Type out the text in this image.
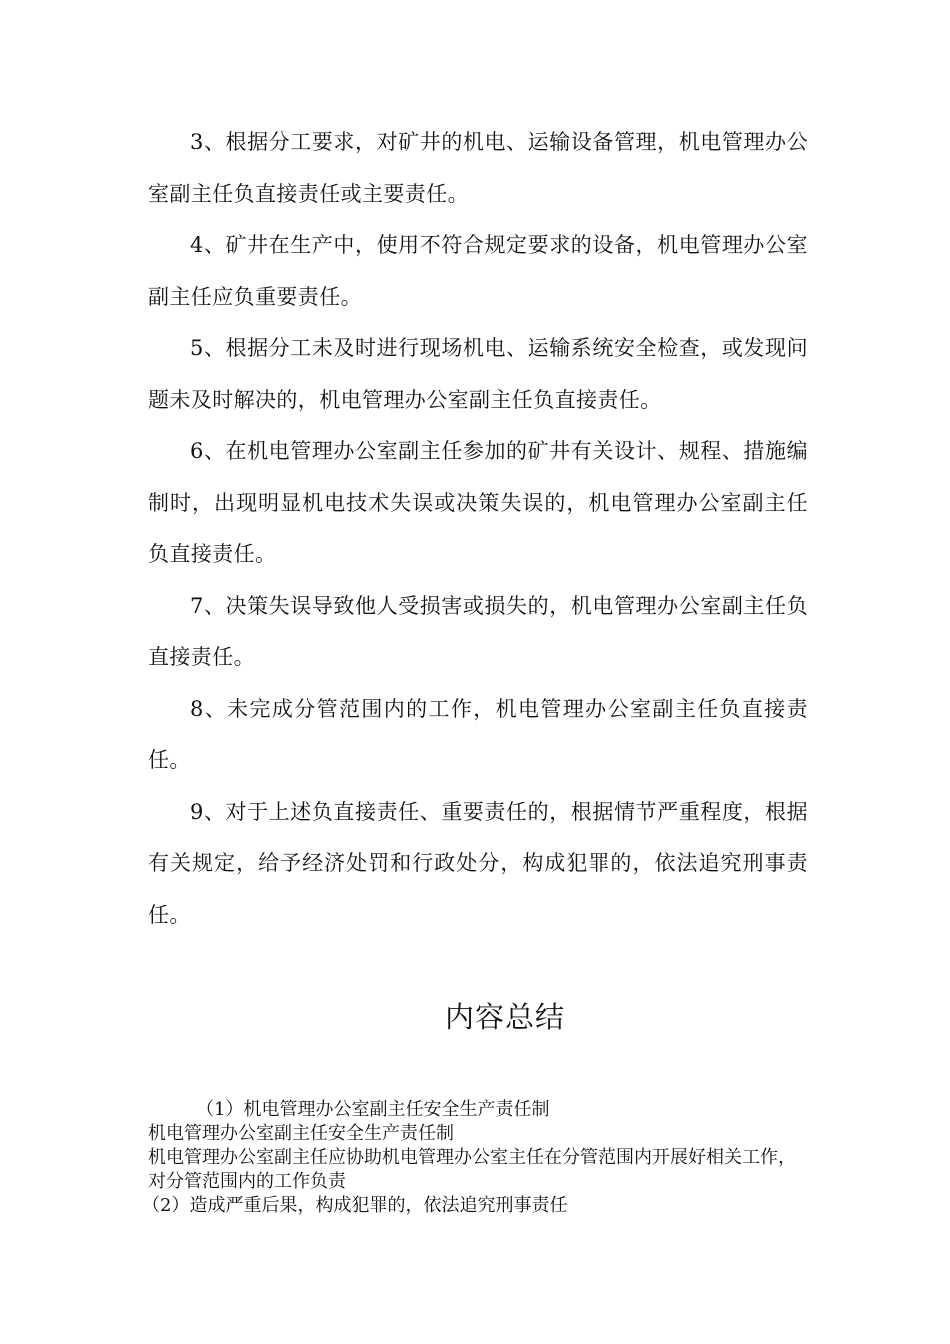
3、根据分工要求，对矿井的机电、运输设备管理，机电管理办公室副主任负直接责任或主要责任。

4、矿井在生产中，使用不符合规定要求的设备，机电管理办公室副主任应负重要责任。

5、根据分工未及时进行现场机电、运输系统安全检查，或发现问题未及时解决的，机电管理办公室副主任负直接责任。

6、在机电管理办公室副主任参加的矿井有关设计、规程、措施编制时，出现明显机电技术失误或决策失误的，机电管理办公室副主任负直接责任。

7、决策失误导致他人受损害或损失的，机电管理办公室副主任负直接责任。

8、未完成分管范围内的工作，机电管理办公室副主任负直接责任。

9、对于上述负直接责任、重要责任的，根据情节严重程度，根据有关规定，给予经济处罚和行政处分，构成犯罪的，依法追究刑事责任。

内容总结

（1）机电管理办公室副主任安全生产责任制

机电管理办公室副主任安全生产责任制

机电管理办公室副主任应协助机电管理办公室主任在分管范围内开展好相关工作，对分管范围内的工作负责

（2）造成严重后果，构成犯罪的，依法追究刑事责任
